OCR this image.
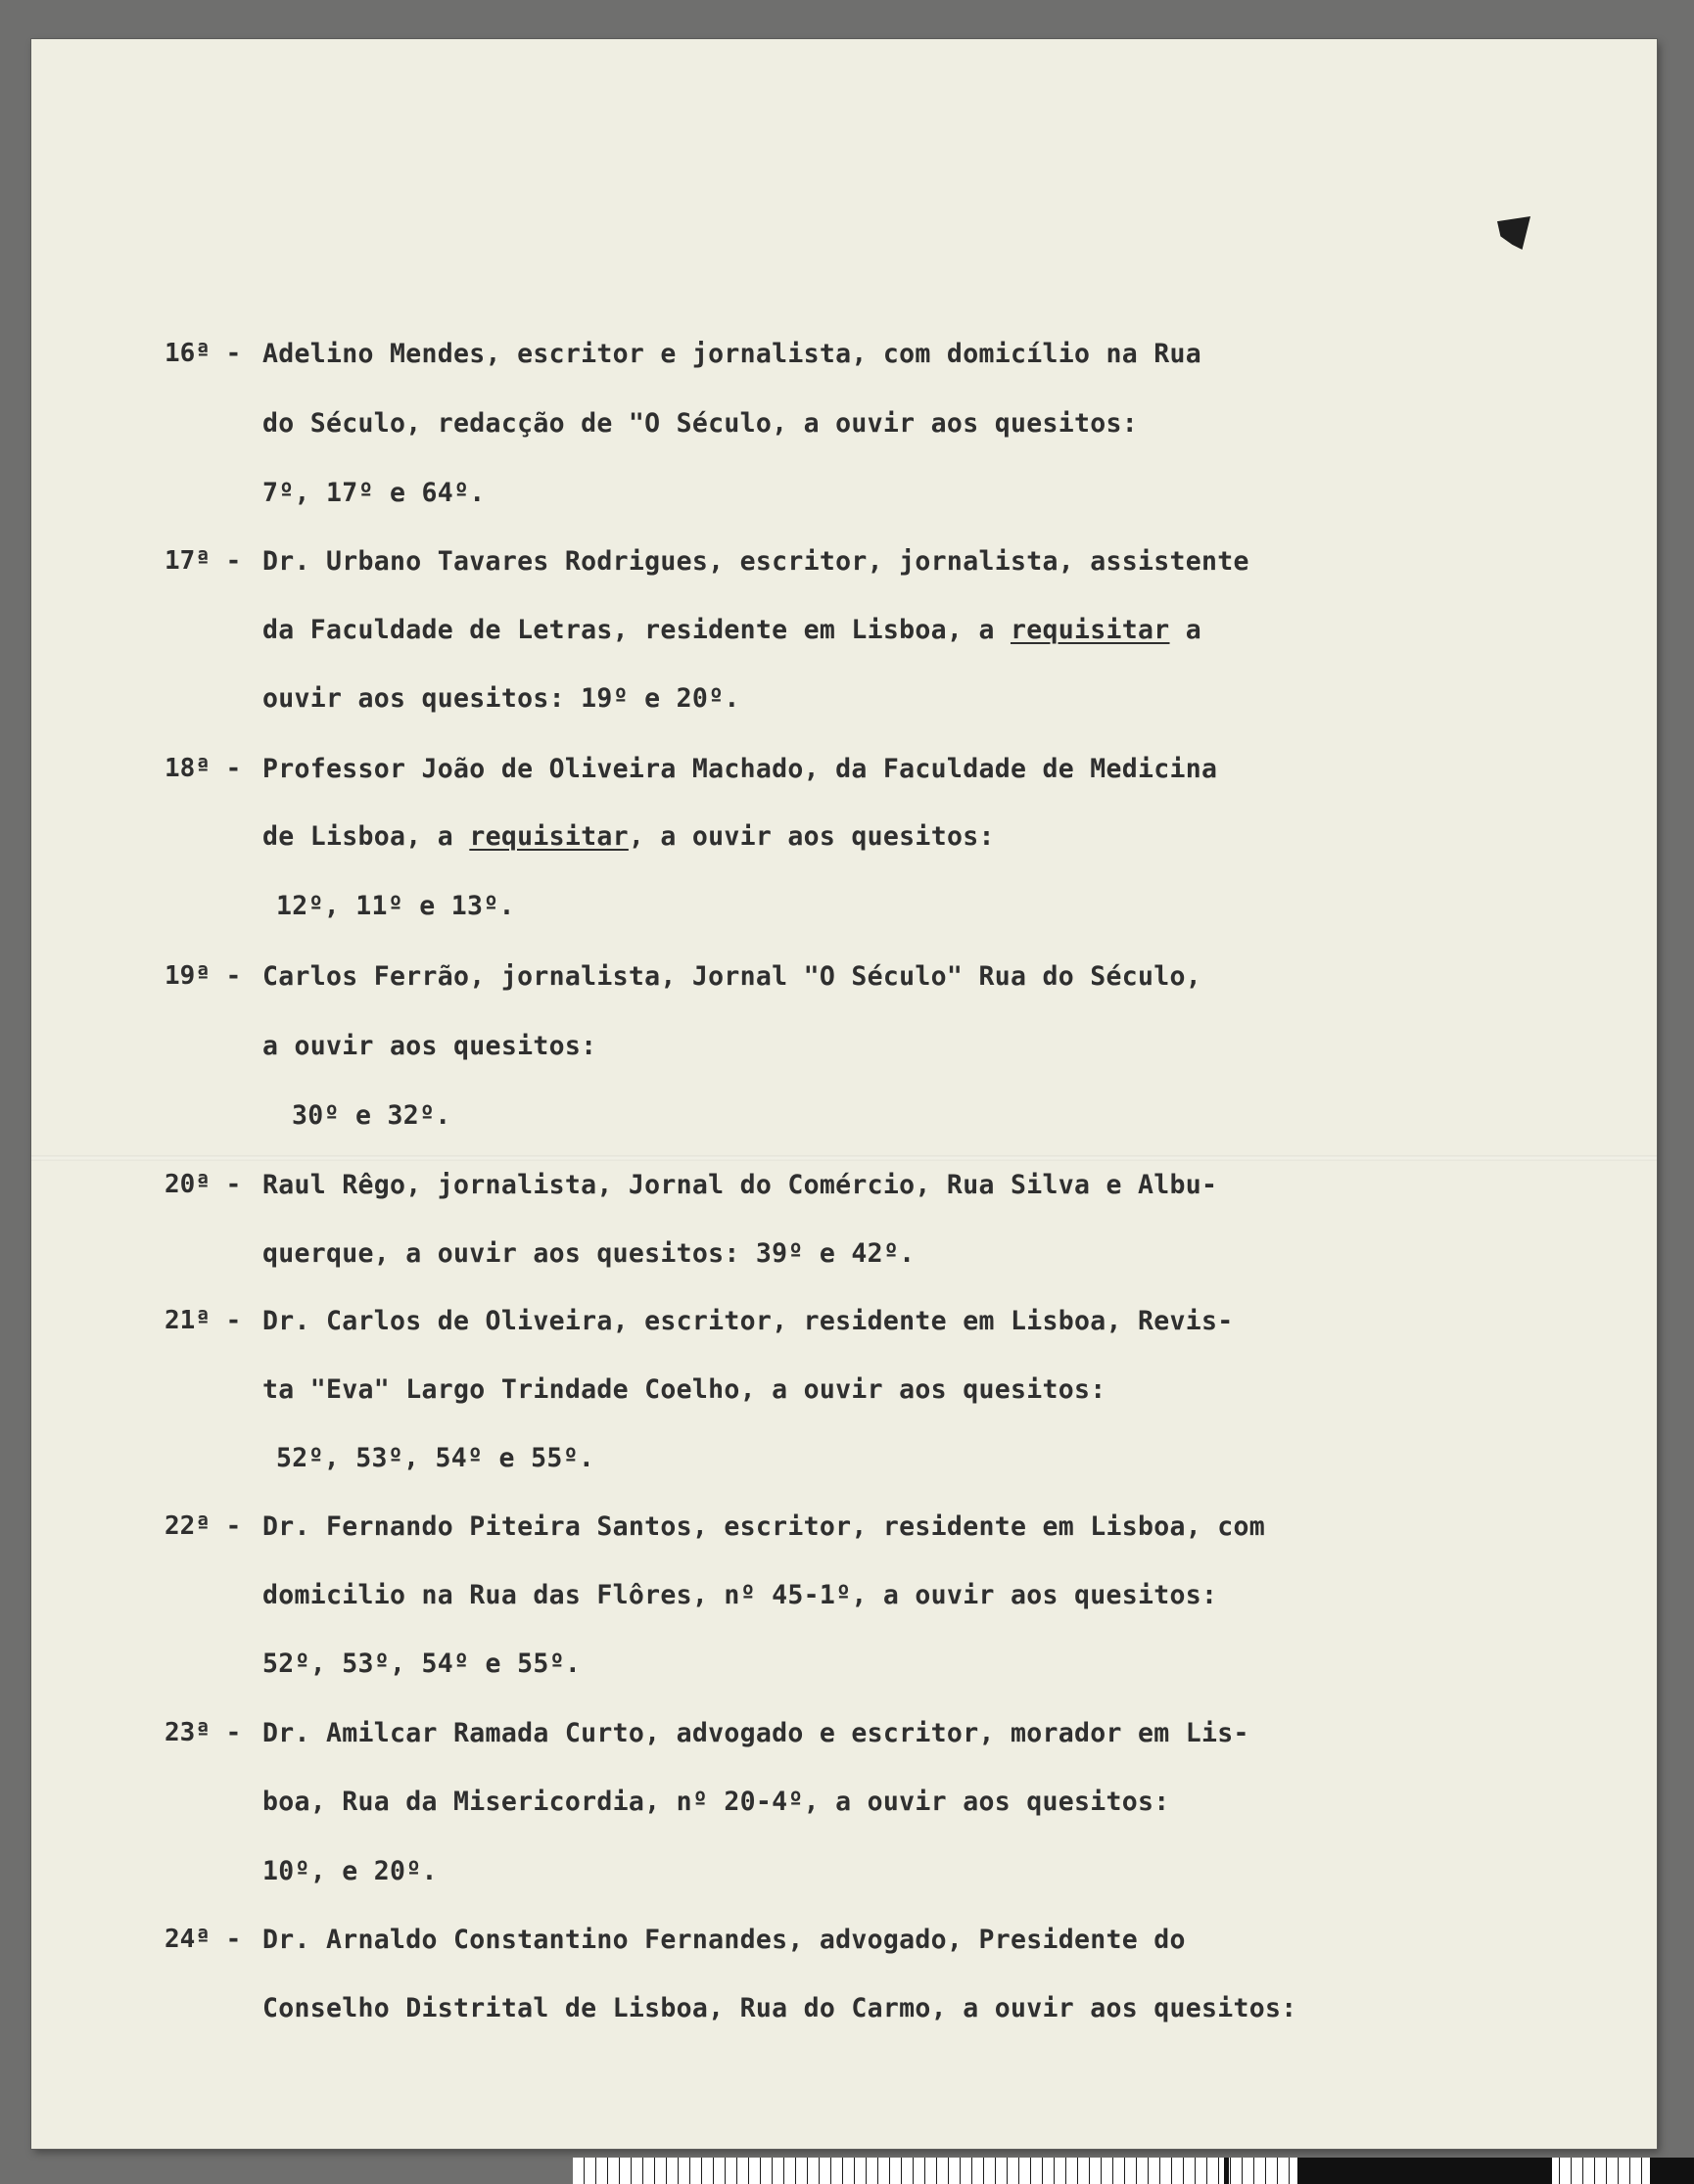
16ª - Adelino Mendes, escritor e jornalista, com domicílio na Rua
do Século, redacção de "O Século, a ouvir aos quesitos:
7º, 17º e 64º.
17ª - Dr. Urbano Tavares Rodrigues, escritor, jornalista, assistente
da Faculdade de Letras, residente em Lisboa, a requisitar a
ouvir aos quesitos: 19º e 20º.
18ª - Professor João de Oliveira Machado, da Faculdade de Medicina
de Lisboa, a requisitar, a ouvir aos quesitos:
12º, 11º e 13º.
19ª - Carlos Ferrão, jornalista, Jornal "O Século" Rua do Século,
a ouvir aos quesitos:
30º e 32º.
20ª - Raul Rêgo, jornalista, Jornal do Comércio, Rua Silva e Albu-
querque, a ouvir aos quesitos: 39º e 42º.
21ª - Dr. Carlos de Oliveira, escritor, residente em Lisboa, Revis-
ta "Eva" Largo Trindade Coelho, a ouvir aos quesitos:
52º, 53º, 54º e 55º.
22ª - Dr. Fernando Piteira Santos, escritor, residente em Lisboa, com
domicilio na Rua das Flôres, nº 45-1º, a ouvir aos quesitos:
52º, 53º, 54º e 55º.
23ª - Dr. Amilcar Ramada Curto, advogado e escritor, morador em Lis-
boa, Rua da Misericordia, nº 20-4º, a ouvir aos quesitos:
10º, e 20º.
24ª - Dr. Arnaldo Constantino Fernandes, advogado, Presidente do
Conselho Distrital de Lisboa, Rua do Carmo, a ouvir aos quesitos:
